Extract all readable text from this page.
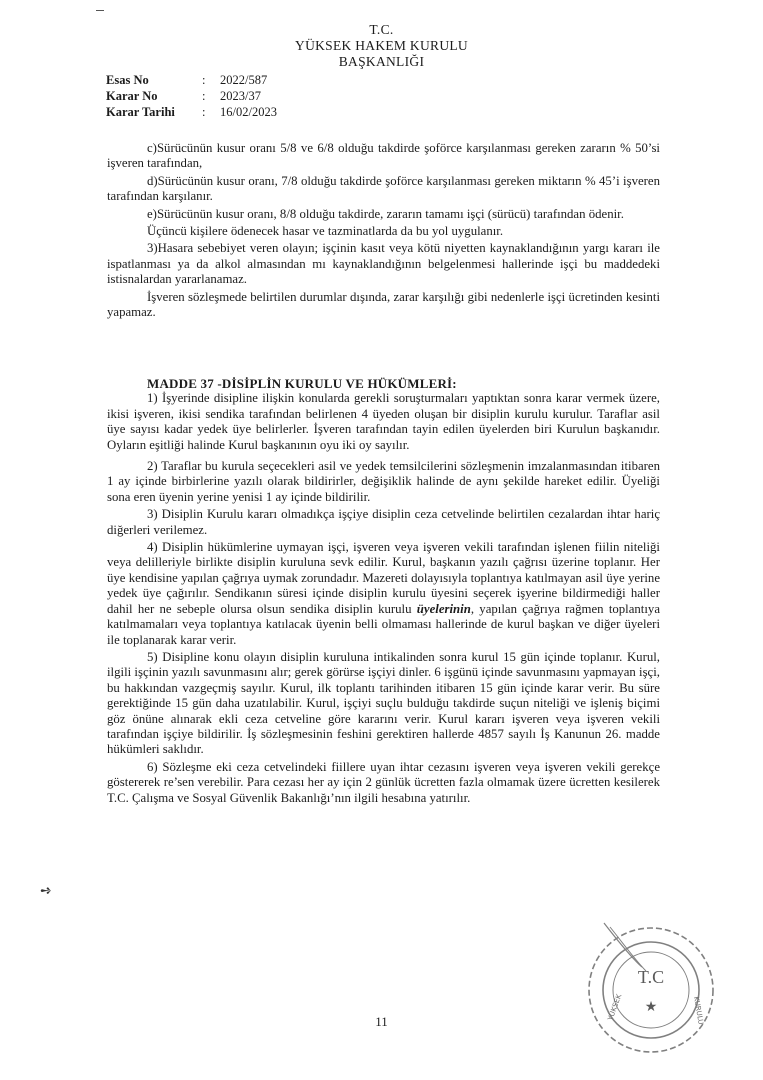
T.C.
YÜKSEK HAKEM KURULU
BAŞKANLIĞI
Esas No	:	2022/587
Karar No	:	2023/37
Karar Tarihi	:	16/02/2023

c)Sürücünün kusur oranı 5/8 ve 6/8 olduğu takdirde şoförce karşılanması gereken zararın % 50’si işveren tarafından,

d)Sürücünün kusur oranı, 7/8 olduğu takdirde şoförce karşılanması gereken miktarın % 45’i işveren tarafından karşılanır.

e)Sürücünün kusur oranı, 8/8 olduğu takdirde, zararın tamamı işçi (sürücü) tarafından ödenir.

Üçüncü kişilere ödenecek hasar ve tazminatlarda da bu yol uygulanır.

3)Hasara sebebiyet veren olayın; işçinin kasıt veya kötü niyetten kaynaklandığının yargı kararı ile ispatlanması ya da alkol almasından mı kaynaklandığının belgelenmesi hallerinde işçi bu maddedeki istisnalardan yararlanamaz.

İşveren sözleşmede belirtilen durumlar dışında, zarar karşılığı gibi nedenlerle işçi ücretinden kesinti yapamaz.

MADDE 37 -DİSİPLİN KURULU VE HÜKÜMLERİ:

1) İşyerinde disipline ilişkin konularda gerekli soruşturmaları yaptıktan sonra karar vermek üzere, ikisi işveren, ikisi sendika tarafından belirlenen 4 üyeden oluşan bir disiplin kurulu kurulur. Taraflar asil üye sayısı kadar yedek üye belirlerler. İşveren tarafından tayin edilen üyelerden biri Kurulun başkanıdır. Oyların eşitliği halinde Kurul başkanının oyu iki oy sayılır.

2) Taraflar bu kurula seçecekleri asil ve yedek temsilcilerini sözleşmenin imzalanmasından itibaren 1 ay içinde birbirlerine yazılı olarak bildirirler, değişiklik halinde de aynı şekilde hareket edilir. Üyeliği sona eren üyenin yerine yenisi 1 ay içinde bildirilir.

3) Disiplin Kurulu kararı olmadıkça işçiye disiplin ceza cetvelinde belirtilen cezalardan ihtar hariç diğerleri verilemez.

4) Disiplin hükümlerine uymayan işçi, işveren veya işveren vekili tarafından işlenen fiilin niteliği veya delilleriyle birlikte disiplin kuruluna sevk edilir. Kurul, başkanın yazılı çağrısı üzerine toplanır. Her üye kendisine yapılan çağrıya uymak zorundadır. Mazereti dolayısıyla toplantıya katılmayan asil üye yerine yedek üye çağırılır. Sendikanın süresi içinde disiplin kurulu üyesini seçerek işyerine bildirmediği haller dahil her ne sebeple olursa olsun sendika disiplin kurulu üyelerinin, yapılan çağrıya rağmen toplantıya katılmamaları veya toplantıya katılacak üyenin belli olmaması hallerinde de kurul başkan ve diğer üyeleri ile toplanarak karar verir.

5) Disipline konu olayın disiplin kuruluna intikalinden sonra kurul 15 gün içinde toplanır. Kurul, ilgili işçinin yazılı savunmasını alır; gerek görürse işçiyi dinler. 6 işgünü içinde savunmasını yapmayan işçi, bu hakkından vazgeçmiş sayılır. Kurul, ilk toplantı tarihinden itibaren 15 gün içinde karar verir. Bu süre gerektiğinde 15 gün daha uzatılabilir. Kurul, işçiyi suçlu bulduğu takdirde suçun niteliği ve işleniş biçimi göz önüne alınarak ekli ceza cetveline göre kararını verir. Kurul kararı işveren veya işveren vekili tarafından işçiye bildirilir. İş sözleşmesinin feshini gerektiren hallerde 4857 sayılı İş Kanunun 26. madde hükümleri saklıdır.

6) Sözleşme eki ceza cetvelindeki fiillere uyan ihtar cezasını işveren veya işveren vekili gerekçe göstererek re’sen verebilir. Para cezası her ay için 2 günlük ücretten fazla olmamak üzere ücretten kesilerek T.C. Çalışma ve Sosyal Güvenlik Bakanlığı’nın ilgili hesabına yatırılır.

➺
T.C
★
YÜKSEK	KURULU
11
